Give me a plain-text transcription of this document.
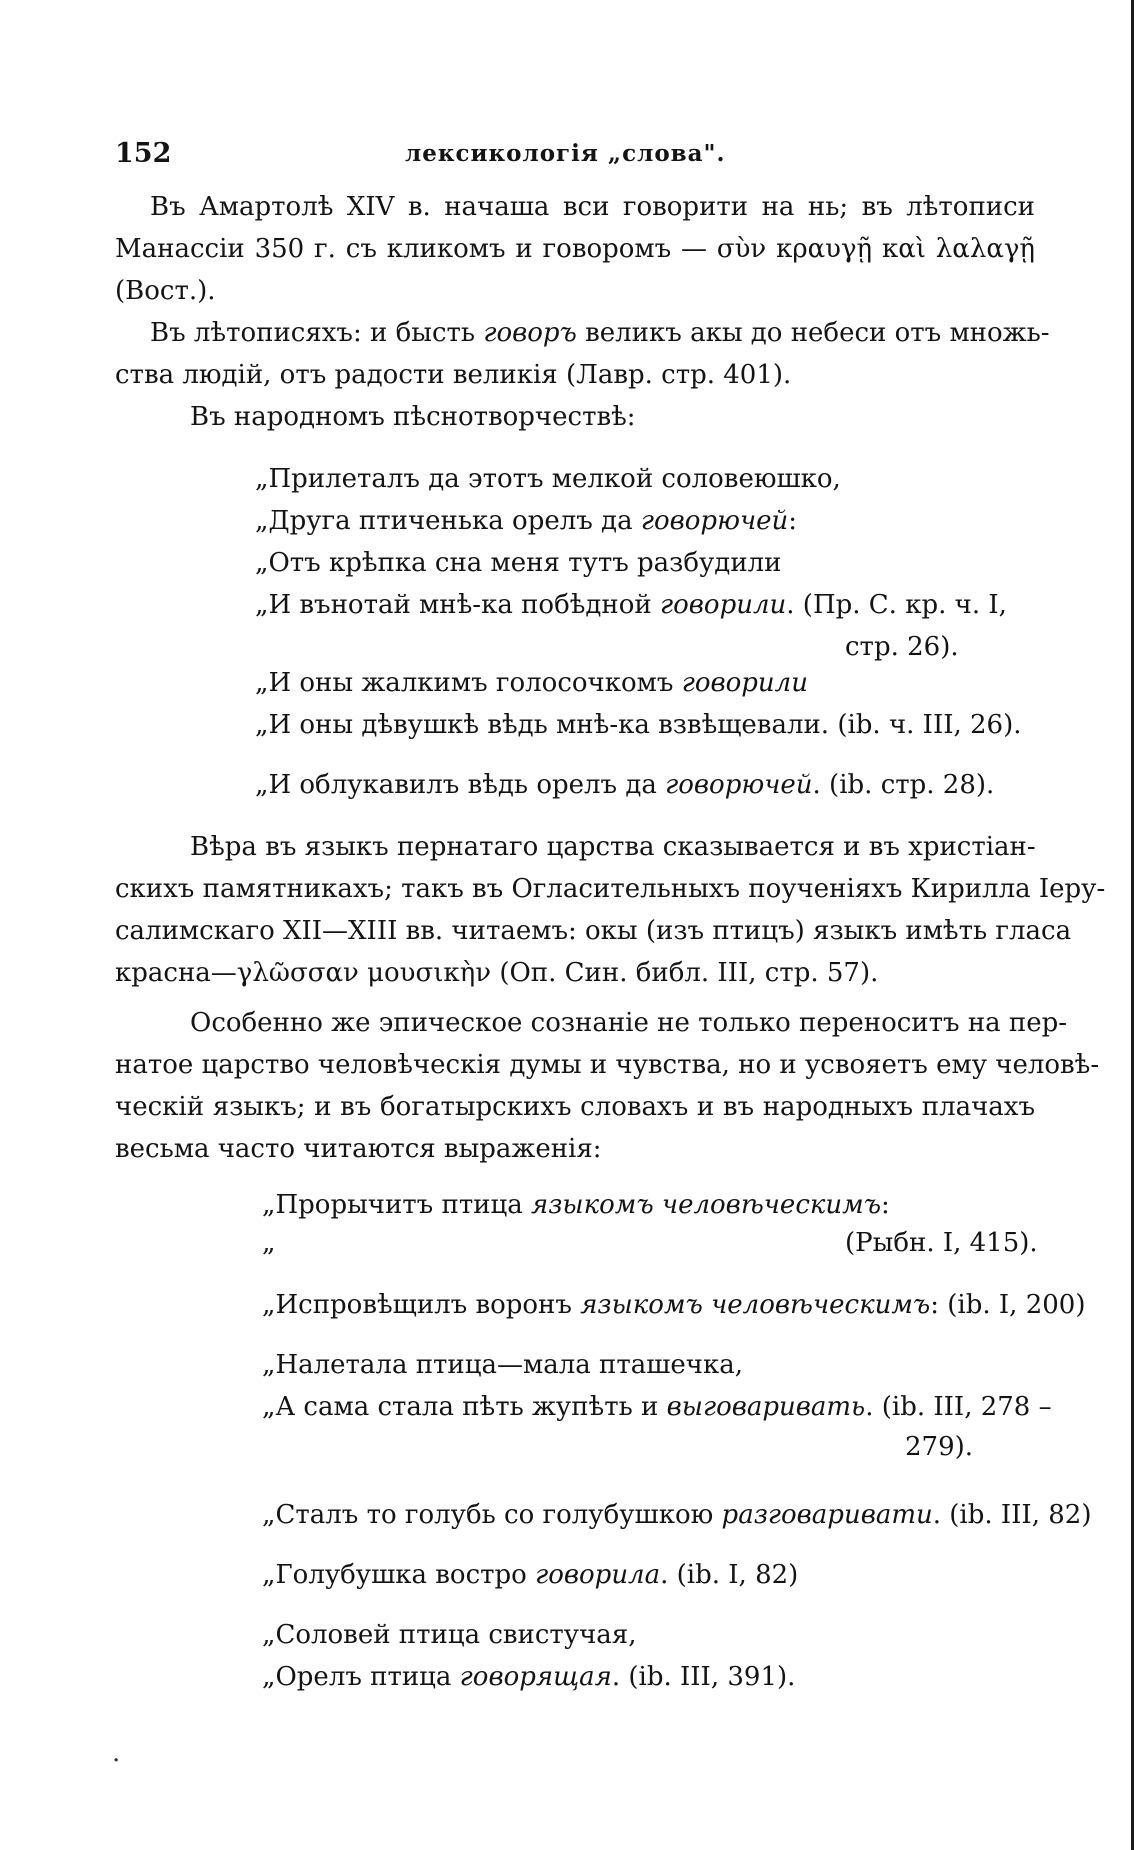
.
152	лексикологія „слова".
Въ Амартолѣ XIV в. начаша вси говорити на нь; въ лѣтописи
Манассіи 350 г. съ кликомъ и говоромъ — σὺν κραυγῇ καὶ λαλαγῇ
(Вост.).
Въ лѣтописяхъ: и бысть говоръ великъ акы до небеси отъ множь-
ства людій, отъ радости великія (Лавр. стр. 401).
Въ народномъ пѣснотворчествѣ:
„Прилеталъ да этотъ мелкой соловеюшко,
„Друга птиченька орелъ да говорючей:
„Отъ крѣпка сна меня тутъ разбудили
„И вънотай мнѣ-ка побѣдной говорили. (Пр. С. кр. ч. I,
стр. 26).
„И оны жалкимъ голосочкомъ говорили
„И оны дѣвушкѣ вѣдь мнѣ-ка взвѣщевали. (ib. ч. III, 26).
„И облукавилъ вѣдь орелъ да говорючей. (ib. стр. 28).
Вѣра въ языкъ пернатаго царства сказывается и въ христіан-
скихъ памятникахъ; такъ въ Огласительныхъ поученіяхъ Кирилла Іеру-
салимскаго XII—XIII вв. читаемъ: окы (изъ птицъ) языкъ имѣть гласа
красна—γλῶσσαν μουσικὴν (Оп. Син. библ. III, стр. 57).
Особенно же эпическое сознаніе не только переноситъ на пер-
натое царство человѣческія думы и чувства, но и усвояетъ ему человѣ-
ческій языкъ; и въ богатырскихъ словахъ и въ народныхъ плачахъ
весьма часто читаются выраженія:
„Прорычитъ птица языкомъ человѣческимъ:
„	(Рыбн. I, 415).
„Испровѣщилъ воронъ языкомъ человѣческимъ: (ib. I, 200)
„Налетала птица—мала пташечка,
„А сама стала пѣть жупѣть и выговаривать. (ib. III, 278 –
279).
„Сталъ то голубь со голубушкою разговаривати. (ib. III, 82)
„Голубушка востро говорила. (ib. I, 82)
„Соловей птица свистучая,
„Орелъ птица говорящая. (ib. III, 391).
